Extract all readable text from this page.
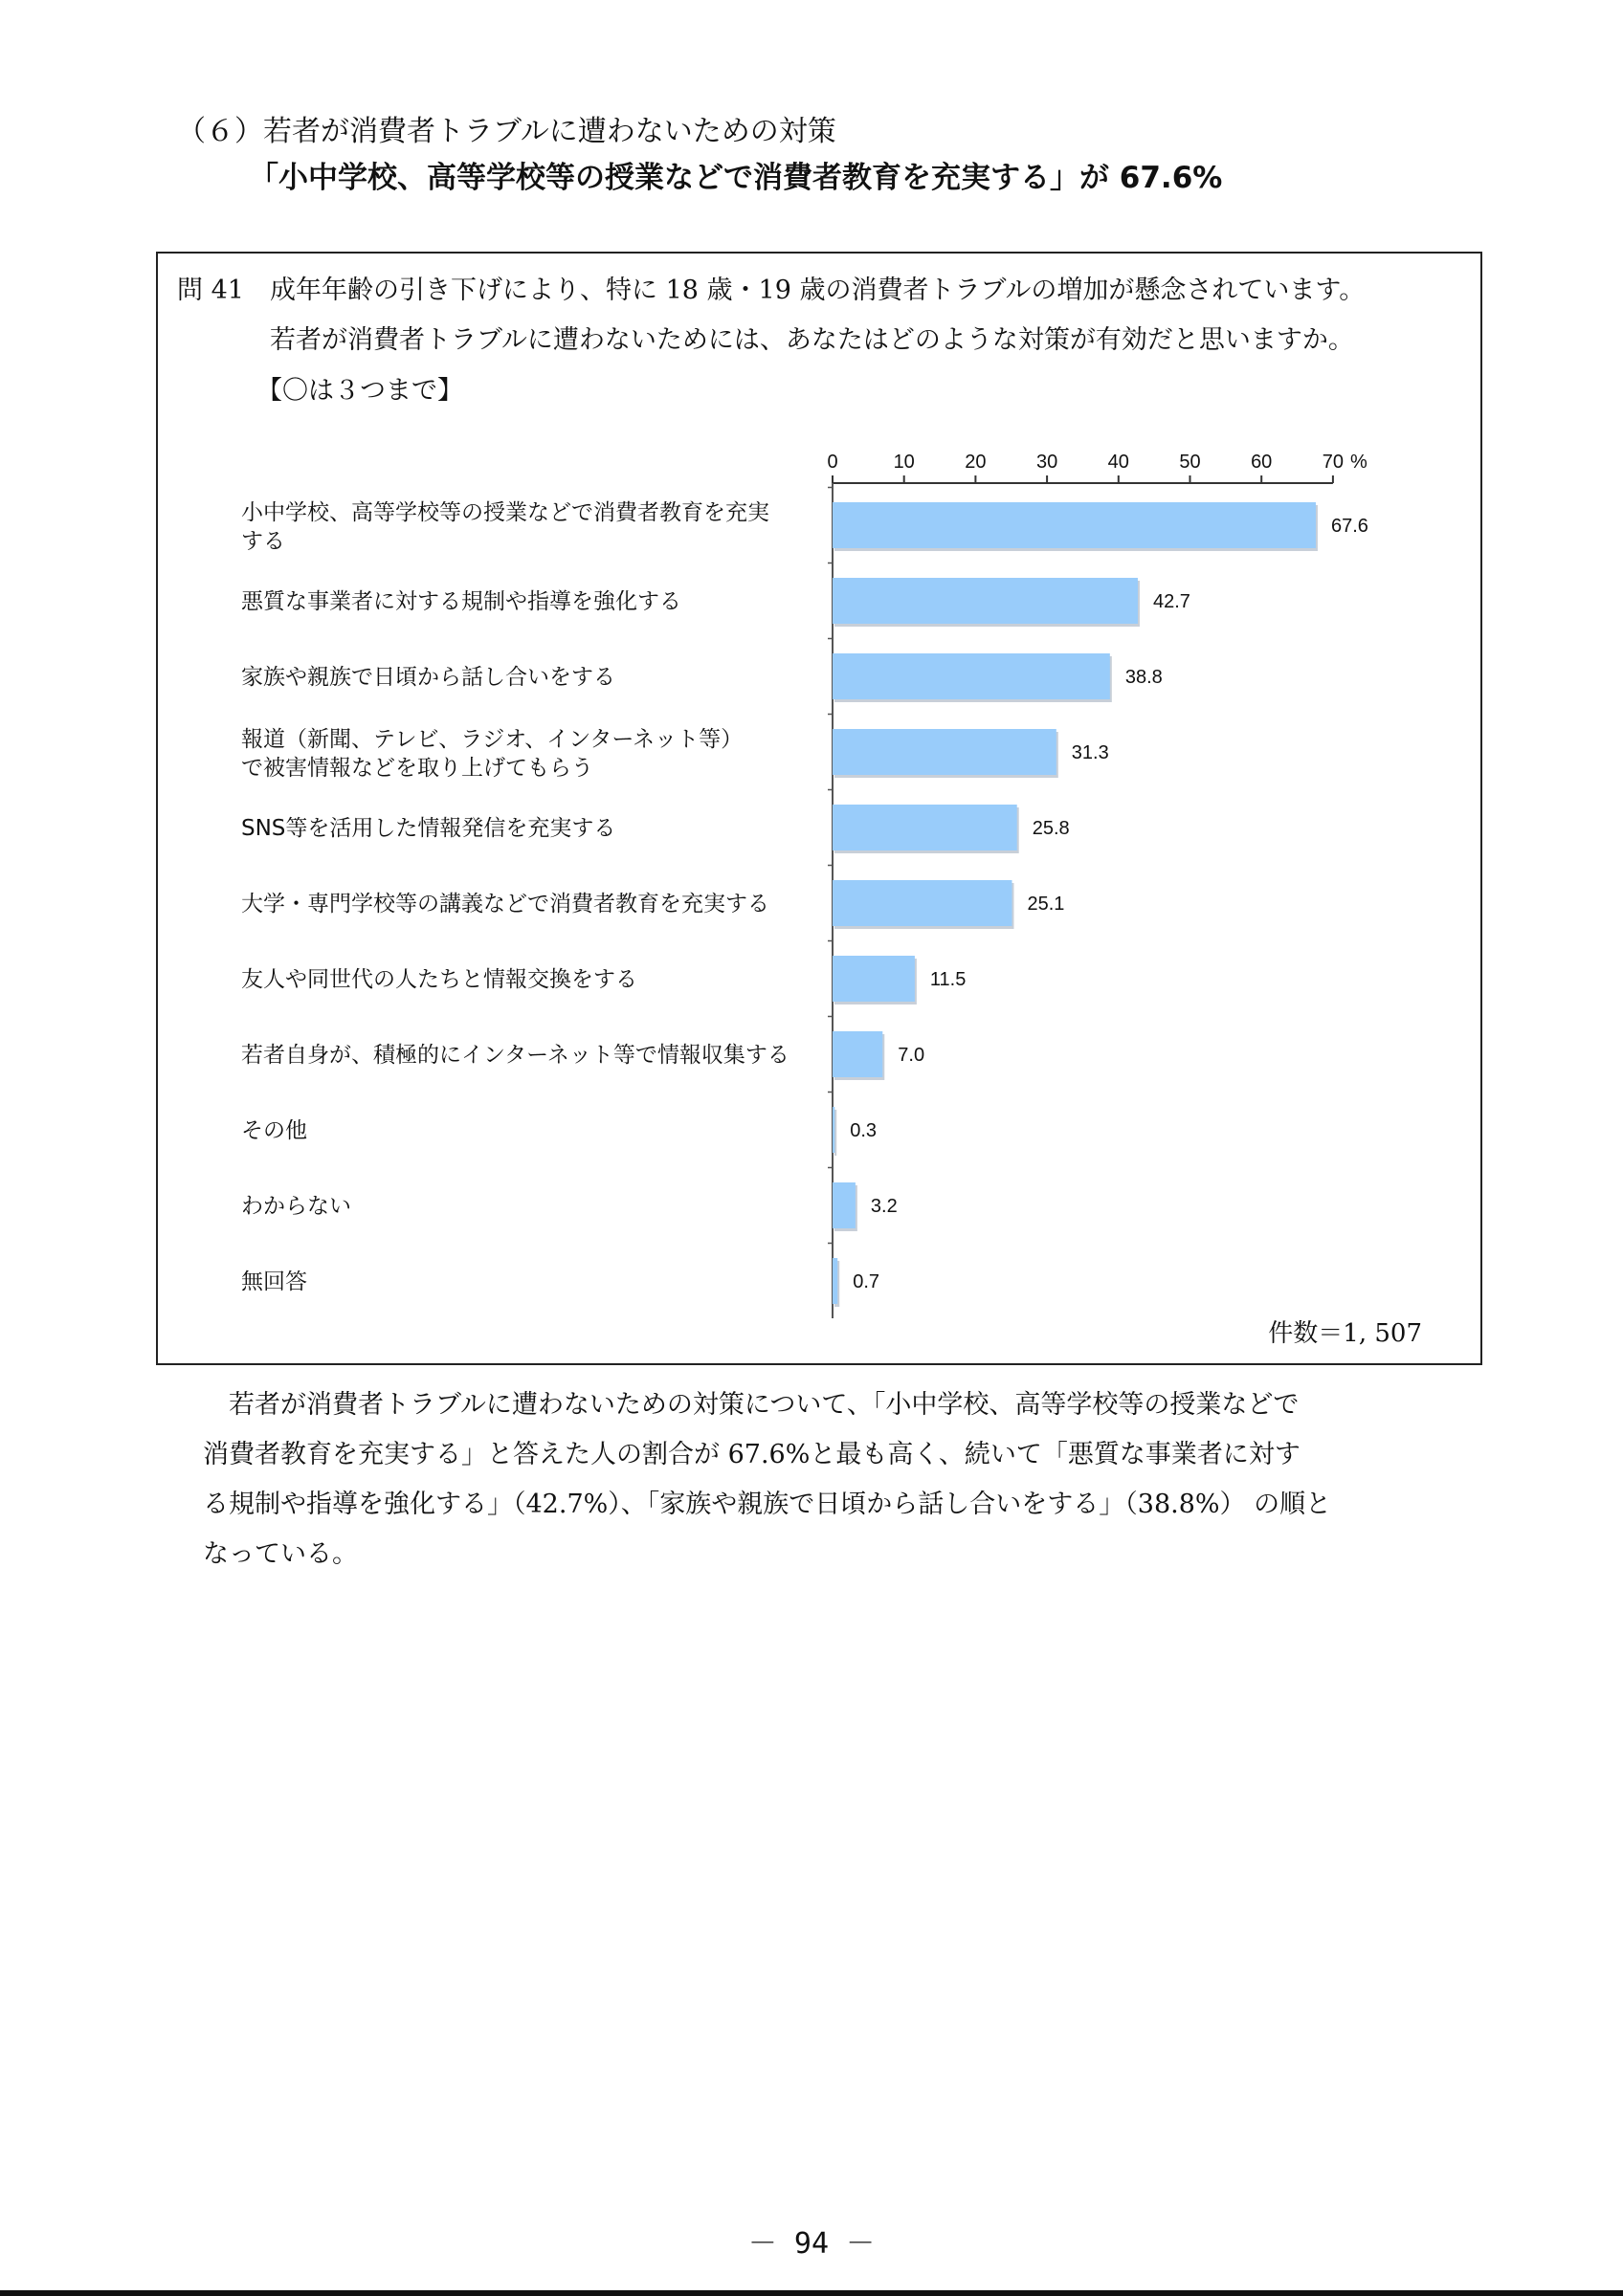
（６）若者が消費者トラブルに遭わないための対策
「小中学校、高等学校等の授業などで消費者教育を充実する」が 67.6%
問 41 成年年齢の引き下げにより、特に 18 歳・19 歳の消費者トラブルの増加が懸念されています。
若者が消費者トラブルに遭わないためには、あなたはどのような対策が有効だと思いますか。
【〇は３つまで】
0	10	20	30	40	50	60	70 %
67.6
小中学校、高等学校等の授業などで消費者教育を充実
する
42.7
悪質な事業者に対する規制や指導を強化する
38.8
家族や親族で日頃から話し合いをする
31.3
報道（新聞、テレビ、ラジオ、インターネット等）
で被害情報などを取り上げてもらう
25.8
SNS等を活用した情報発信を充実する
25.1
大学・専門学校等の講義などで消費者教育を充実する
11.5
友人や同世代の人たちと情報交換をする
7.0
若者自身が、積極的にインターネット等で情報収集する
0.3
その他
3.2
わからない
0.7
無回答
件数＝1, 507

　若者が消費者トラブルに遭わないための対策について、「小中学校、高等学校等の授業などで

消費者教育を充実する」と答えた人の割合が 67.6%と最も高く、続いて「悪質な事業者に対す

る規制や指導を強化する」（42.7%）、「家族や親族で日頃から話し合いをする」（38.8%） の順と

なっている。

－ 94 －
